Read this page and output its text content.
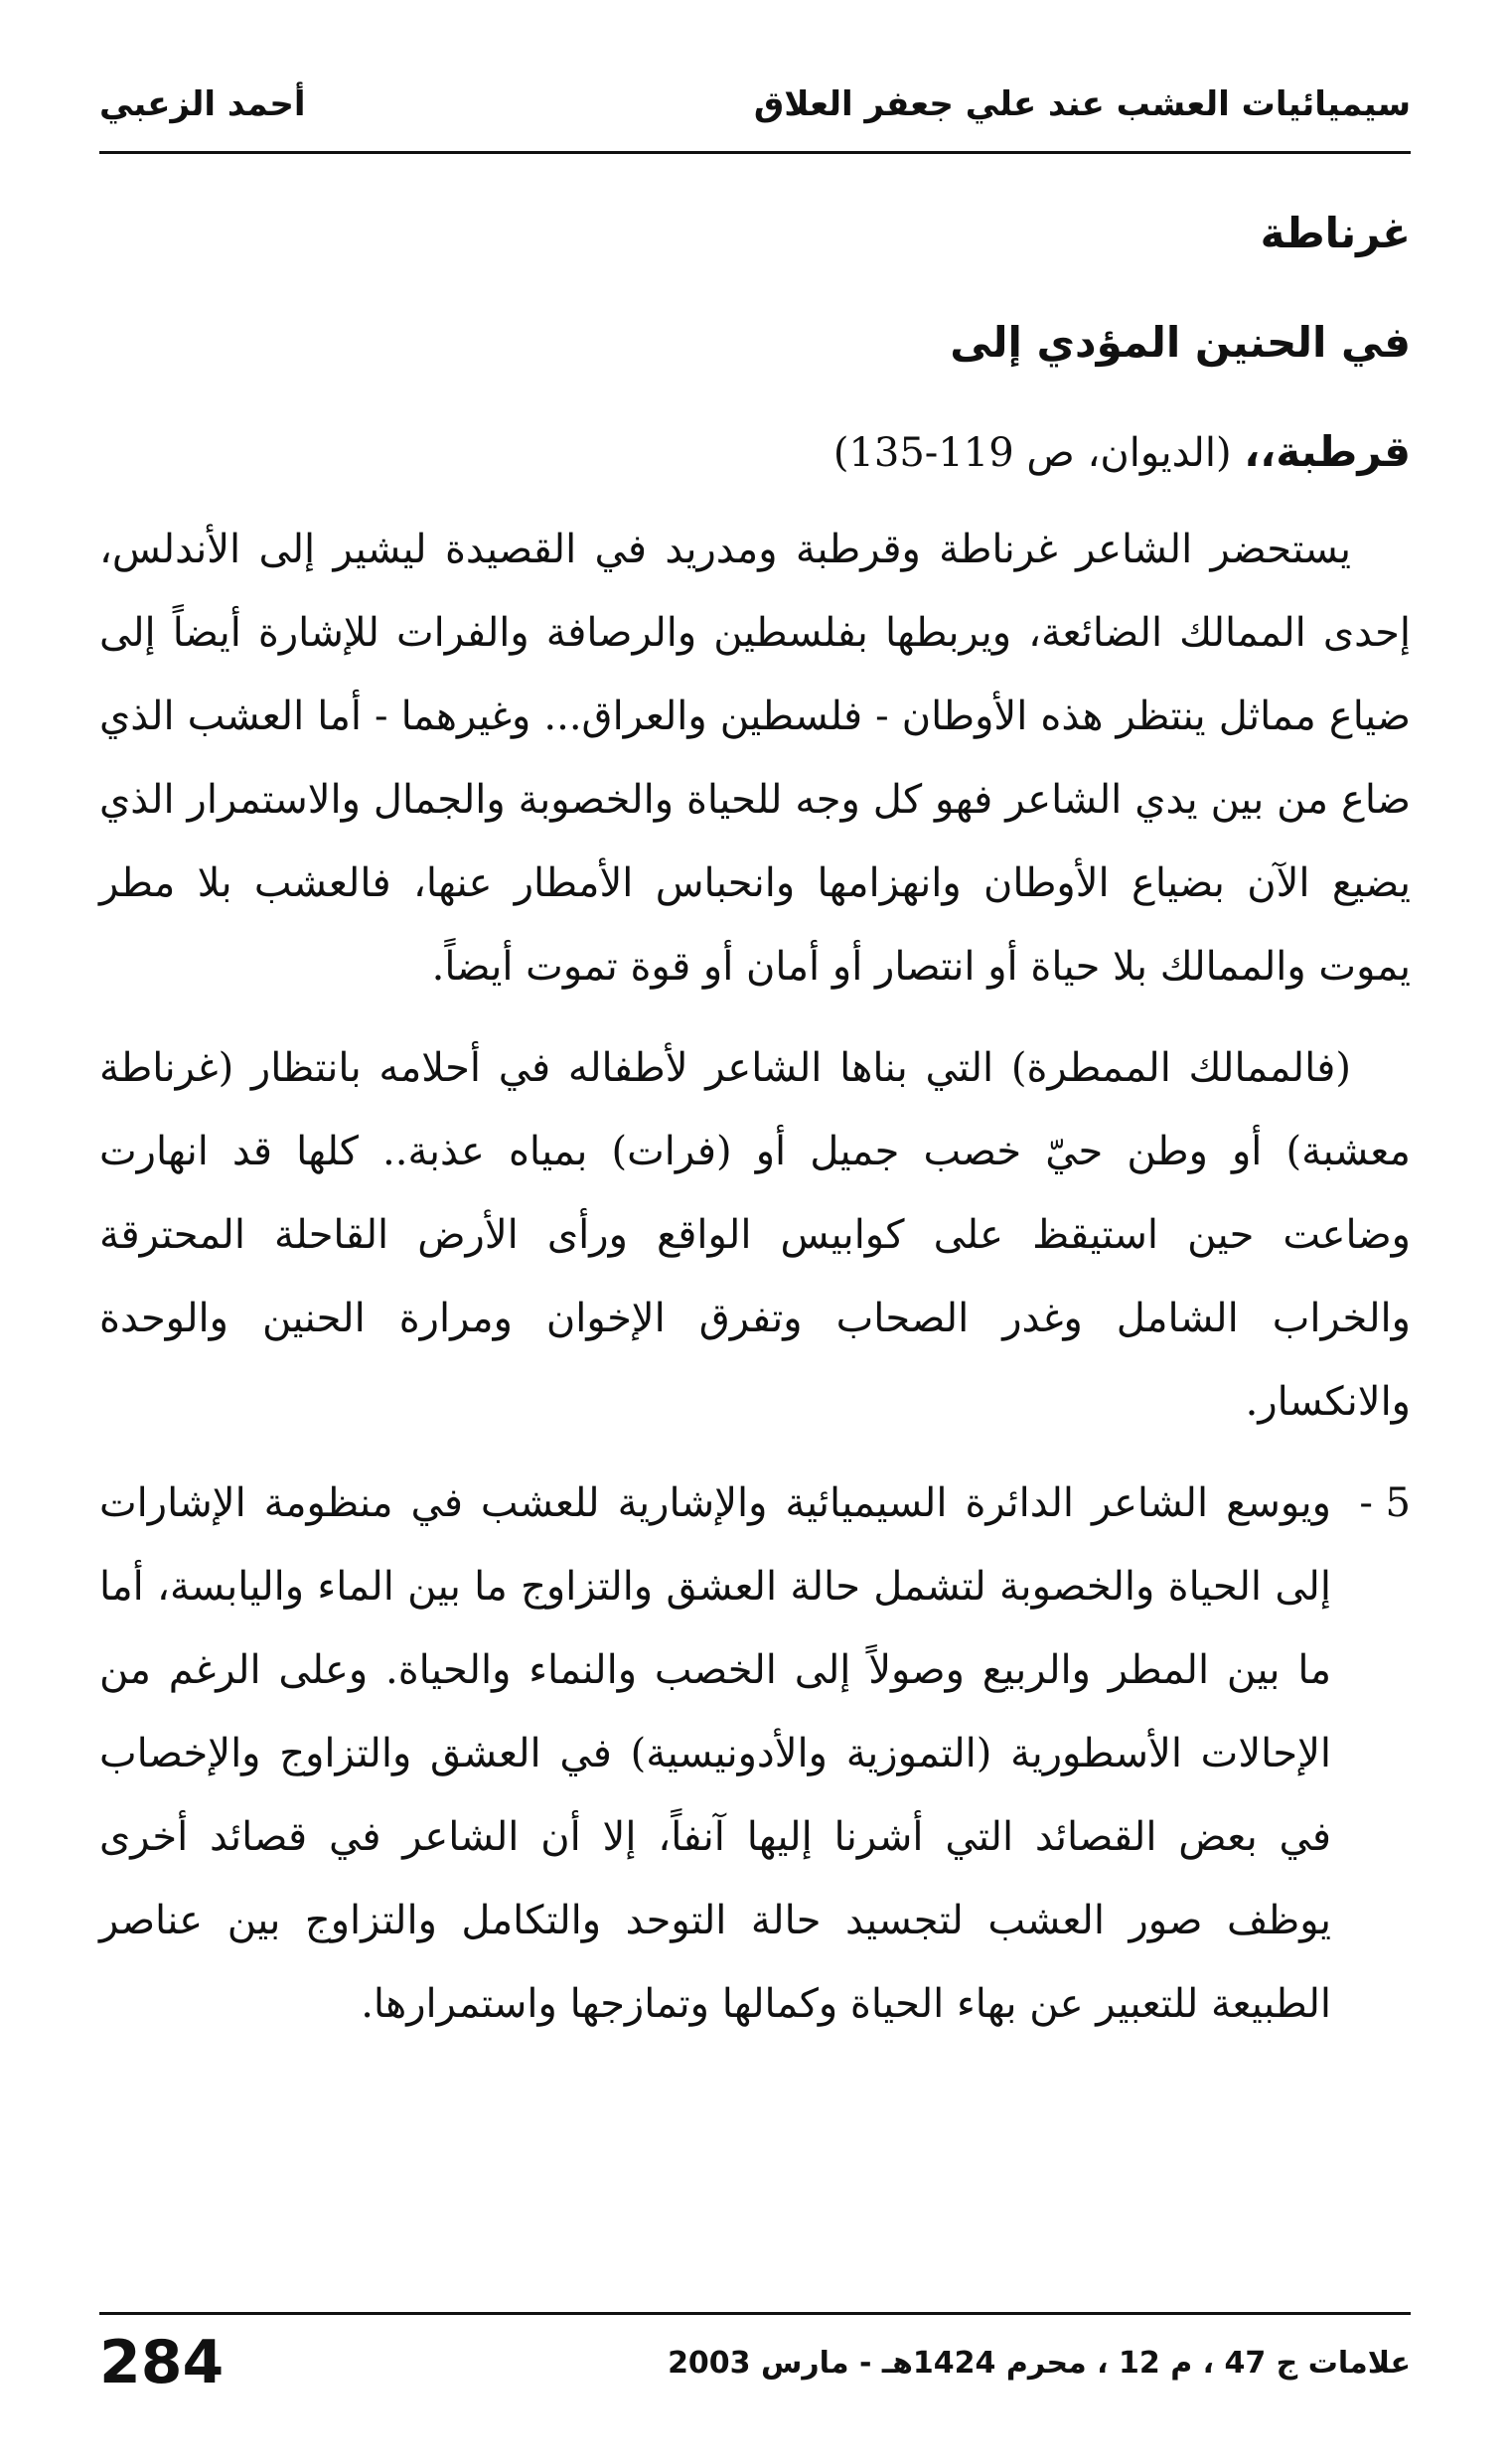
سيميائيات العشب عند علي جعفر العلاق
أحمد الزعبي
غرناطة
في الحنين المؤدي إلى
قرطبة،، (الديوان، ص 119-135)

يستحضر الشاعر غرناطة وقرطبة ومدريد في القصيدة ليشير إلى الأندلس، إحدى الممالك الضائعة، ويربطها بفلسطين والرصافة والفرات للإشارة أيضاً إلى ضياع مماثل ينتظر هذه الأوطان - فلسطين والعراق... وغيرهما - أما العشب الذي ضاع من بين يدي الشاعر فهو كل وجه للحياة والخصوبة والجمال والاستمرار الذي يضيع الآن بضياع الأوطان وانهزامها وانحباس الأمطار عنها، فالعشب بلا مطر يموت والممالك بلا حياة أو انتصار أو أمان أو قوة تموت أيضاً.

(فالممالك الممطرة) التي بناها الشاعر لأطفاله في أحلامه بانتظار (غرناطة معشبة) أو وطن حيّ خصب جميل أو (فرات) بمياه عذبة.. كلها قد انهارت وضاعت حين استيقظ على كوابيس الواقع ورأى الأرض القاحلة المحترقة والخراب الشامل وغدر الصحاب وتفرق الإخوان ومرارة الحنين والوحدة والانكسار.

5 -
ويوسع الشاعر الدائرة السيميائية والإشارية للعشب في منظومة الإشارات إلى الحياة والخصوبة لتشمل حالة العشق والتزاوج ما بين الماء واليابسة، أما ما بين المطر والربيع وصولاً إلى الخصب والنماء والحياة. وعلى الرغم من الإحالات الأسطورية (التموزية والأدونيسية) في العشق والتزاوج والإخصاب في بعض القصائد التي أشرنا إليها آنفاً، إلا أن الشاعر في قصائد أخرى يوظف صور العشب لتجسيد حالة التوحد والتكامل والتزاوج بين عناصر الطبيعة للتعبير عن بهاء الحياة وكمالها وتمازجها واستمرارها.
علامات ج 47 ، م 12 ، محرم 1424هـ - مارس 2003
284
